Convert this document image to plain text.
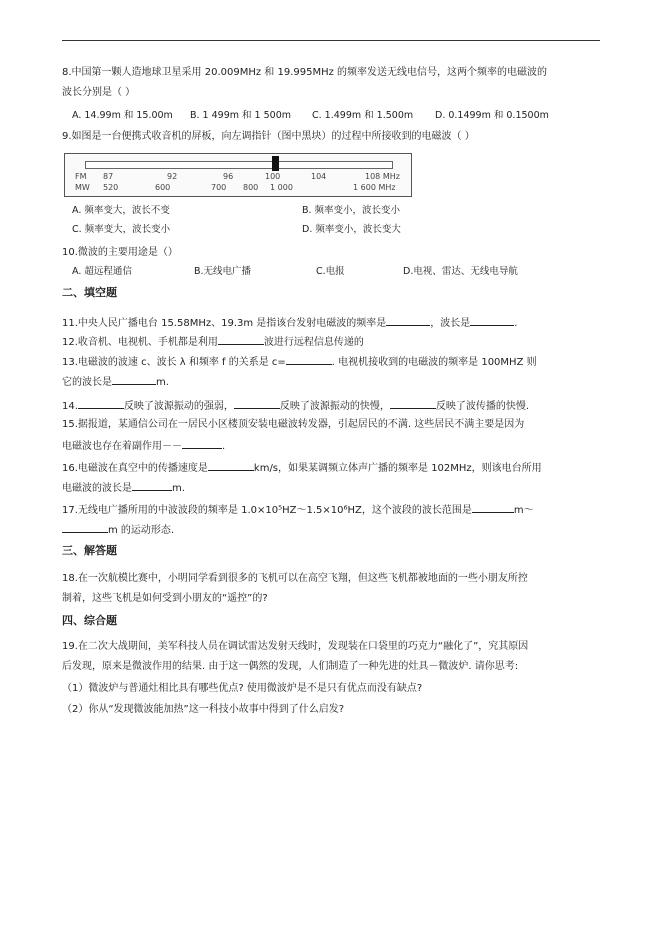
8.中国第一颗人造地球卫星采用 20.009MHz 和 19.995MHz 的频率发送无线电信号，这两个频率的电磁波的
波长分别是（ ）
A. 14.99m 和 15.00m B. 1 499m 和 1 500m C. 1.499m 和 1.500m D. 0.1499m 和 0.1500m
9.如图是一台便携式收音机的屏板，向左调指针（图中黑块）的过程中所接收到的电磁波（ ）
FM
MW
87	92	96	100	104	108 MHz
520	600	700 800 1 000	1 600 MHz
A. 频率变大，波长不变	B. 频率变小，波长变小
C. 频率变大，波长变小	D. 频率变小，波长变大
10.微波的主要用途是（）
A. 超远程通信	B.无线电广播	C.电报	D.电视、雷达、无线电导航
二、填空题
11.中央人民广播电台 15.58MHz、19.3m 是指该台发射电磁波的频率是	，波长是	.
12.收音机、电视机、手机都是利用	波进行远程信息传递的
13.电磁波的波速 c、波长 λ 和频率 f 的关系是 c=	. 电视机接收到的电磁波的频率是 100MHZ 则
它的波长是	m.
14.	反映了波源振动的强弱，	反映了波源振动的快慢，	反映了波传播的快慢.
15.据报道，某通信公司在一居民小区楼顶安装电磁波转发器，引起居民的不满. 这些居民不满主要是因为
电磁波也存在着副作用－－	.
16.电磁波在真空中的传播速度是	km/s，如果某调频立体声广播的频率是 102MHz，则该电台所用
电磁波的波长是	m.
17.无线电广播所用的中波波段的频率是 1.0×10⁵HZ～1.5×10⁶HZ，这个波段的波长范围是	m～
m 的运动形态.
三、解答题
18.在一次航模比赛中，小明同学看到很多的飞机可以在高空飞翔，但这些飞机都被地面的一些小朋友所控
制着，这些飞机是如何受到小朋友的“遥控”的?
四、综合题
19.在二次大战期间，美军科技人员在调试雷达发射天线时，发现装在口袋里的巧克力“融化了”，究其原因
后发现，原来是微波作用的结果. 由于这一偶然的发现，人们制造了一种先进的灶具－微波炉. 请你思考:
（1）微波炉与普通灶相比具有哪些优点? 使用微波炉是不是只有优点而没有缺点?
（2）你从“发现微波能加热”这一科技小故事中得到了什么启发?
